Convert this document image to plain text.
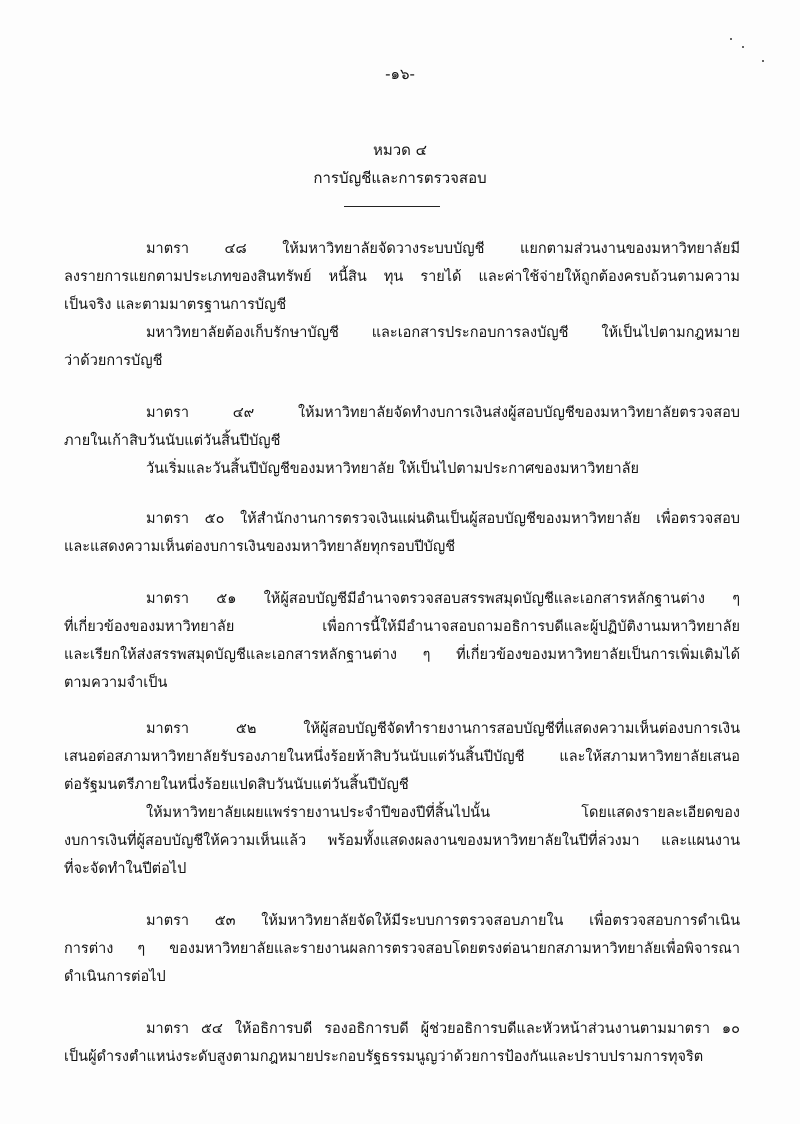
-๑๖-
หมวด ๔
การบัญชีและการตรวจสอบ
มาตรา ๔๘ ให้มหาวิทยาลัยจัดวางระบบบัญชี แยกตามส่วนงานของมหาวิทยาลัยมี
ลงรายการแยกตามประเภทของสินทรัพย์ หนี้สิน ทุน รายได้ และค่าใช้จ่ายให้ถูกต้องครบถ้วนตามความ
เป็นจริง และตามมาตรฐานการบัญชี
มหาวิทยาลัยต้องเก็บรักษาบัญชี และเอกสารประกอบการลงบัญชี ให้เป็นไปตามกฎหมาย
ว่าด้วยการบัญชี
มาตรา ๔๙ ให้มหาวิทยาลัยจัดทำงบการเงินส่งผู้สอบบัญชีของมหาวิทยาลัยตรวจสอบ
ภายในเก้าสิบวันนับแต่วันสิ้นปีบัญชี
วันเริ่มและวันสิ้นปีบัญชีของมหาวิทยาลัย ให้เป็นไปตามประกาศของมหาวิทยาลัย
มาตรา ๕๐ ให้สำนักงานการตรวจเงินแผ่นดินเป็นผู้สอบบัญชีของมหาวิทยาลัย เพื่อตรวจสอบ
และแสดงความเห็นต่องบการเงินของมหาวิทยาลัยทุกรอบปีบัญชี
มาตรา ๕๑ ให้ผู้สอบบัญชีมีอำนาจตรวจสอบสรรพสมุดบัญชีและเอกสารหลักฐานต่าง ๆ
ที่เกี่ยวข้องของมหาวิทยาลัย เพื่อการนี้ให้มีอำนาจสอบถามอธิการบดีและผู้ปฏิบัติงานมหาวิทยาลัย
และเรียกให้ส่งสรรพสมุดบัญชีและเอกสารหลักฐานต่าง ๆ ที่เกี่ยวข้องของมหาวิทยาลัยเป็นการเพิ่มเติมได้
ตามความจำเป็น
มาตรา ๕๒ ให้ผู้สอบบัญชีจัดทำรายงานการสอบบัญชีที่แสดงความเห็นต่องบการเงิน
เสนอต่อสภามหาวิทยาลัยรับรองภายในหนึ่งร้อยห้าสิบวันนับแต่วันสิ้นปีบัญชี และให้สภามหาวิทยาลัยเสนอ
ต่อรัฐมนตรีภายในหนึ่งร้อยแปดสิบวันนับแต่วันสิ้นปีบัญชี
ให้มหาวิทยาลัยเผยแพร่รายงานประจำปีของปีที่สิ้นไปนั้น โดยแสดงรายละเอียดของ
งบการเงินที่ผู้สอบบัญชีให้ความเห็นแล้ว พร้อมทั้งแสดงผลงานของมหาวิทยาลัยในปีที่ล่วงมา และแผนงาน
ที่จะจัดทำในปีต่อไป
มาตรา ๕๓ ให้มหาวิทยาลัยจัดให้มีระบบการตรวจสอบภายใน เพื่อตรวจสอบการดำเนิน
การต่าง ๆ ของมหาวิทยาลัยและรายงานผลการตรวจสอบโดยตรงต่อนายกสภามหาวิทยาลัยเพื่อพิจารณา
ดำเนินการต่อไป
มาตรา ๕๔ ให้อธิการบดี รองอธิการบดี ผู้ช่วยอธิการบดีและหัวหน้าส่วนงานตามมาตรา ๑๐
เป็นผู้ดำรงตำแหน่งระดับสูงตามกฎหมายประกอบรัฐธรรมนูญว่าด้วยการป้องกันและปราบปรามการทุจริต
